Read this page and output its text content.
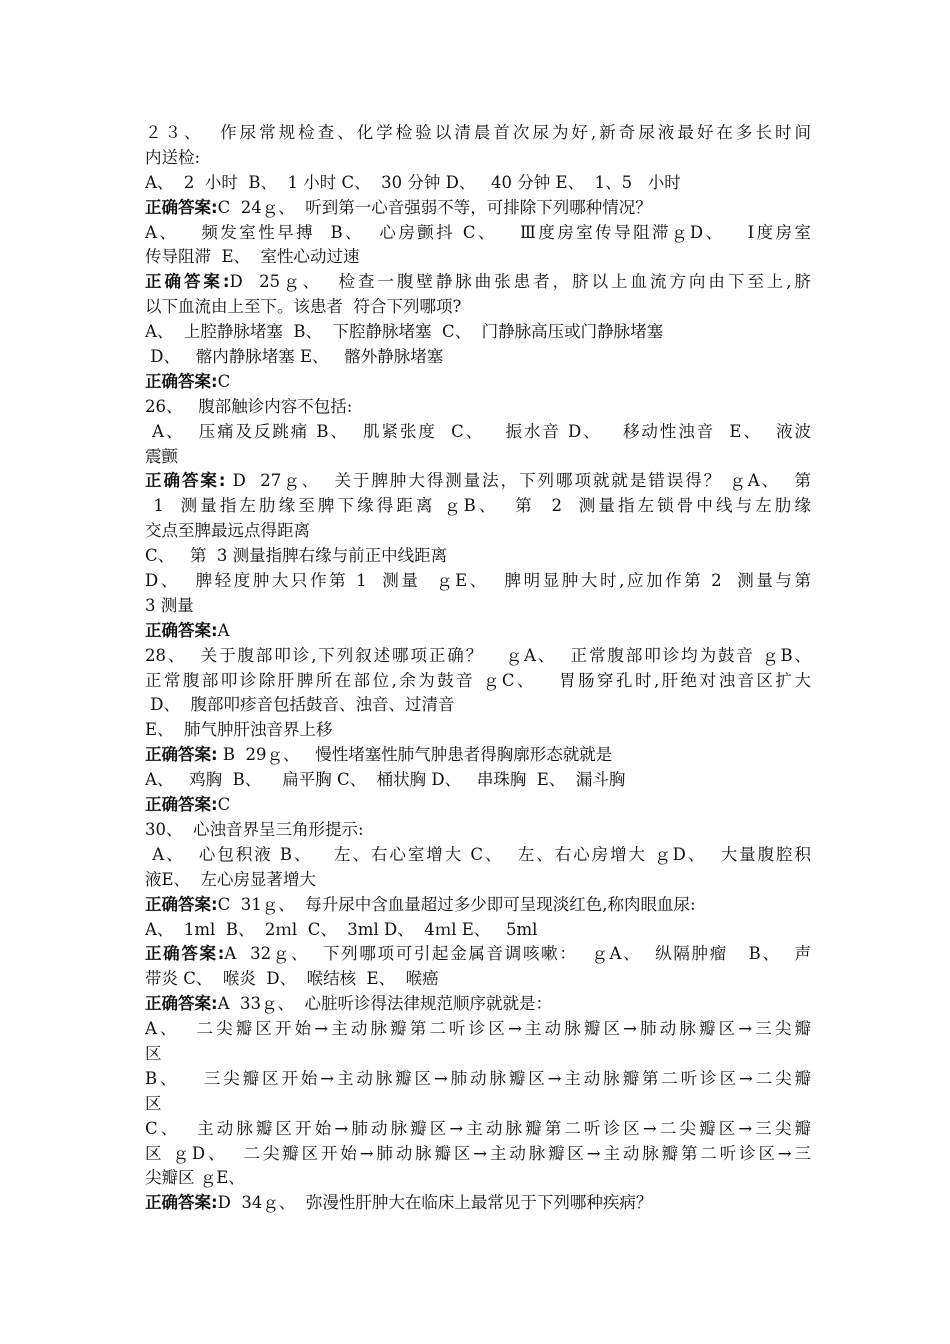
２３、  作尿常规检查、化学检验以清晨首次尿为好,新奇尿液最好在多长时间
内送检:
A、  2  小时  B、  1 小时 C、  30 分钟 D、   40 分钟 E、  1、5   小时
正确答案:C  24ｇ、  听到第一心音强弱不等，可排除下列哪种情况？
A、   频发室性早搏  B、  心房颤抖 C、   Ⅲ度房室传导阻滞ｇD、   Ⅰ度房室
传导阻滞  E、  室性心动过速
正确答案:D  25ｇ、  检查一腹壁静脉曲张患者，脐以上血流方向由下至上,脐
以下血流由上至下。该患者  符合下列哪项?
A、  上腔静脉堵塞  B、  下腔静脉堵塞  C、  门静脉高压或门静脉堵塞
D、   髂内静脉堵塞 E、   髂外静脉堵塞
正确答案:C
26、   腹部触诊内容不包括:
A、  压痛及反跳痛 B、  肌紧张度  C、   振水音 D、   移动性浊音  E、  液波
震颤
正确答案: D  27ｇ、  关于脾肿大得测量法，下列哪项就就是错误得？ ｇA、  第
1  测量指左肋缘至脾下缘得距离 ｇB、  第  2  测量指左锁骨中线与左肋缘
交点至脾最远点得距离
C、   第  3 测量指脾右缘与前正中线距离
D、  脾轻度肿大只作第 1  测量  ｇE、  脾明显肿大时,应加作第 2  测量与第
3 测量
正确答案:A
28、  关于腹部叩诊,下列叙述哪项正确？   ｇA、  正常腹部叩诊均为鼓音 ｇB、
正常腹部叩诊除肝脾所在部位,余为鼓音 ｇC、   胃肠穿孔时,肝绝对浊音区扩大
D、  腹部叩疹音包括鼓音、浊音、过清音
E、  肺气肿肝浊音界上移
正确答案: B  29ｇ、   慢性堵塞性肺气肿患者得胸廓形态就就是
A、   鸡胸  B、    扁平胸 C、  桶状胸 D、   串珠胸  E、  漏斗胸
正确答案:C
30、  心浊音界呈三角形提示:
A、  心包积液 B、   左、右心室增大 C、  左、右心房增大 ｇD、  大量腹腔积
液E、  左心房显著增大
正确答案:C  31ｇ、  每升尿中含血量超过多少即可呈现淡红色,称肉眼血尿:
A、  1ml  B、  2ｍl  C、  3ml D、  4ｍl E、   5ml
正确答案:A  32ｇ、  下列哪项可引起金属音调咳嗽：  ｇA、  纵隔肿瘤   B、  声
带炎 C、  喉炎  D、  喉结核  E、  喉癌
正确答案:A  33ｇ、  心脏听诊得法律规范顺序就就是：
A、  二尖瓣区开始→主动脉瓣第二听诊区→主动脉瓣区→肺动脉瓣区→三尖瓣
区
B、   三尖瓣区开始→主动脉瓣区→肺动脉瓣区→主动脉瓣第二听诊区→二尖瓣
区
C、  主动脉瓣区开始→肺动脉瓣区→主动脉瓣第二听诊区→二尖瓣区→三尖瓣
区 ｇD、  二尖瓣区开始→肺动脉瓣区→主动脉瓣区→主动脉瓣第二听诊区→三
尖瓣区 ｇE、
正确答案:D  34ｇ、  弥漫性肝肿大在临床上最常见于下列哪种疾病？
